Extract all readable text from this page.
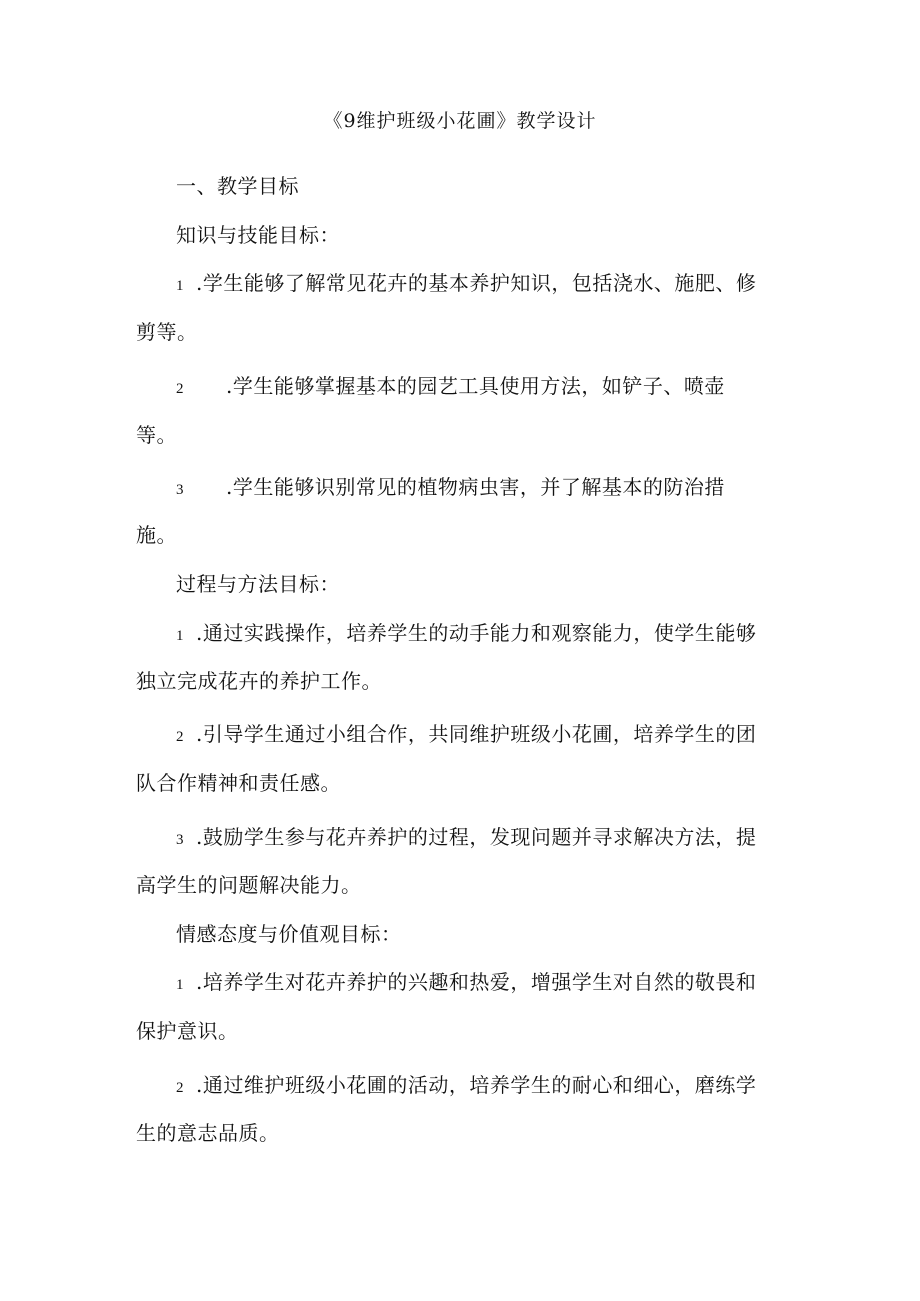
《9维护班级小花圃》教学设计
一、教学目标
知识与技能目标：
1 .学生能够了解常见花卉的基本养护知识，包括浇水、施肥、修
剪等。
2 .学生能够掌握基本的园艺工具使用方法，如铲子、喷壶
等。
3 .学生能够识别常见的植物病虫害，并了解基本的防治措
施。
过程与方法目标：
1 .通过实践操作，培养学生的动手能力和观察能力，使学生能够
独立完成花卉的养护工作。
2 .引导学生通过小组合作，共同维护班级小花圃，培养学生的团
队合作精神和责任感。
3 .鼓励学生参与花卉养护的过程，发现问题并寻求解决方法，提
高学生的问题解决能力。
情感态度与价值观目标：
1 .培养学生对花卉养护的兴趣和热爱，增强学生对自然的敬畏和
保护意识。
2 .通过维护班级小花圃的活动，培养学生的耐心和细心，磨练学
生的意志品质。
